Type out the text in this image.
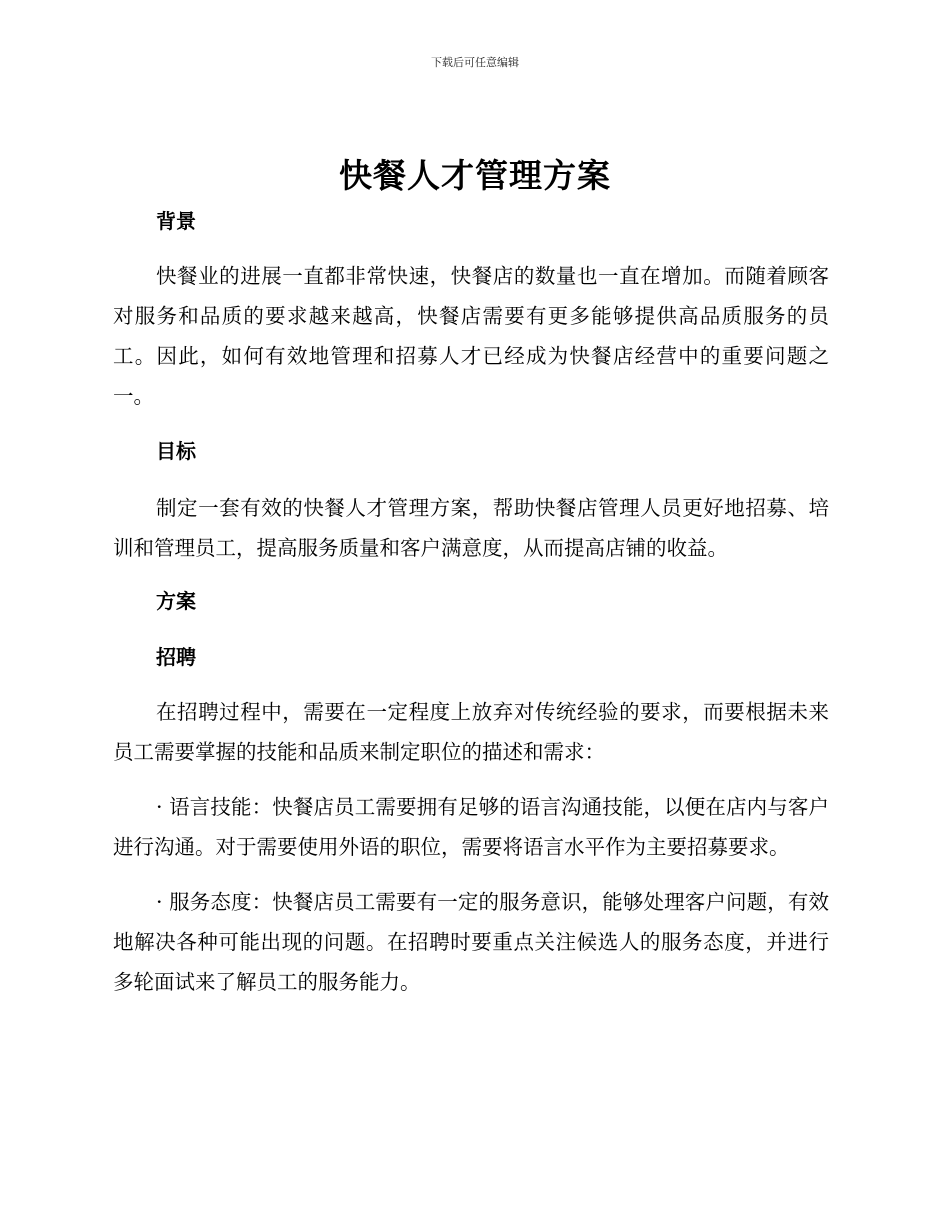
下载后可任意编辑
快餐人才管理方案

背景

快餐业的进展一直都非常快速，快餐店的数量也一直在增加。而随着顾客对服务和品质的要求越来越高，快餐店需要有更多能够提供高品质服务的员工。因此，如何有效地管理和招募人才已经成为快餐店经营中的重要问题之一。

目标

制定一套有效的快餐人才管理方案，帮助快餐店管理人员更好地招募、培训和管理员工，提高服务质量和客户满意度，从而提高店铺的收益。

方案

招聘

在招聘过程中，需要在一定程度上放弃对传统经验的要求，而要根据未来员工需要掌握的技能和品质来制定职位的描述和需求：

· 语言技能：快餐店员工需要拥有足够的语言沟通技能，以便在店内与客户进行沟通。对于需要使用外语的职位，需要将语言水平作为主要招募要求。

· 服务态度：快餐店员工需要有一定的服务意识，能够处理客户问题，有效地解决各种可能出现的问题。在招聘时要重点关注候选人的服务态度，并进行多轮面试来了解员工的服务能力。
